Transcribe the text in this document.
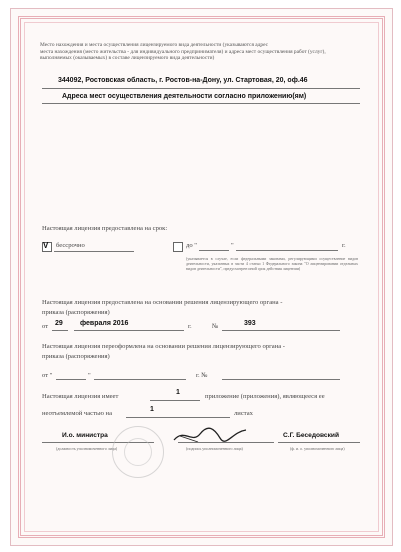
Место нахождения и места осуществления лицензируемого вида деятельности (указываются адрес
места нахождения (место жительства - для индивидуального предпринимателя) и адреса мест осуществления работ (услуг),
выполняемых (оказываемых) в составе лицензируемого вида деятельности)
344092, Ростовская область, г. Ростов-на-Дону, ул. Стартовая, 20, оф.46
Адреса мест осуществления деятельности согласно приложению(ям)
Настоящая лицензия предоставлена на срок:
V бессрочно	до "	"	г.
(указывается в случае, если федеральными законами, регулирующими осуществление видов деятельности, указанных в части 4 статьи 1 Федерального закона "О лицензировании отдельных видов деятельности", предусмотрен иной срок действия лицензии)
Настоящая лицензия предоставлена на основании решения лицензирующего органа -
приказа (распоряжения)
от 29 февраля 2016	г.	№	393
Настоящая лицензия переоформлена на основании решения лицензирующего органа -
приказа (распоряжения)
от "	"	г. №
Настоящая лицензия имеет
1
приложение (приложения), являющееся ее
неотъемлемой частью на
1
листах
И.о. министра
(должность уполномоченного лица)	(подпись уполномоченного лица)
С.Г. Беседовский
(ф. и. о. уполномоченного лица)
